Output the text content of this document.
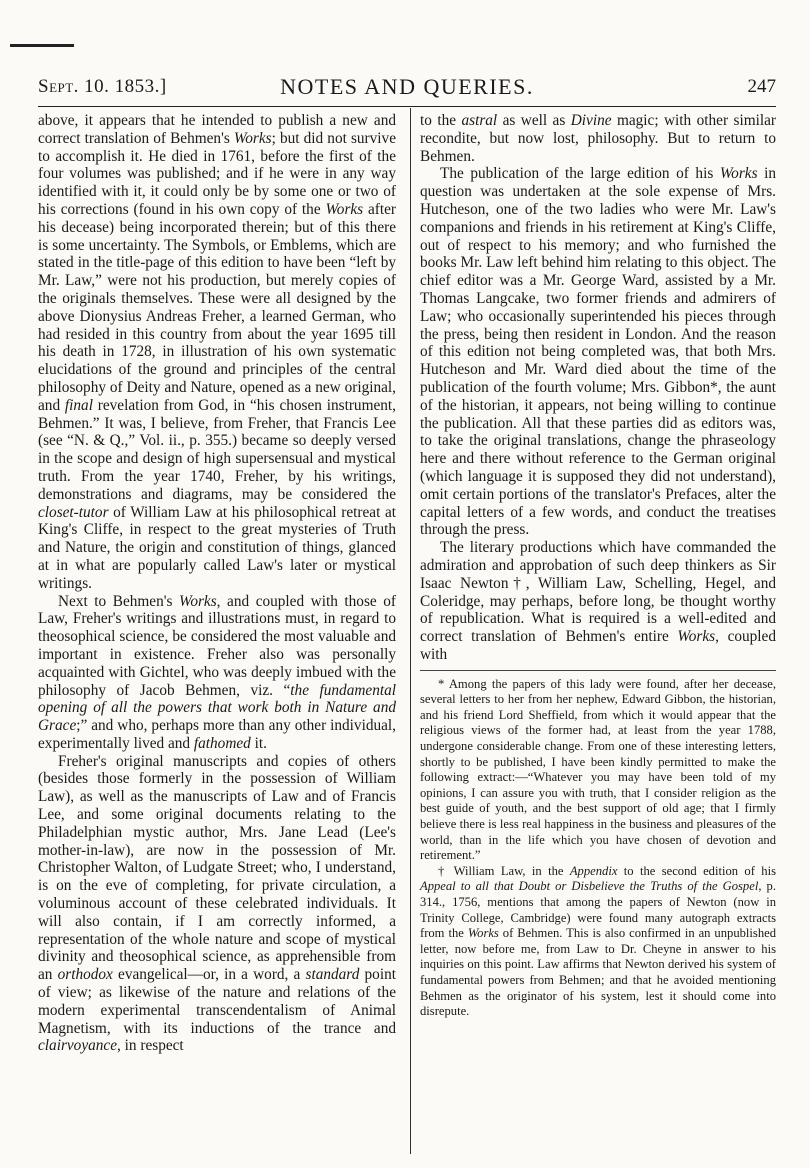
Sept. 10. 1853.]	NOTES AND QUERIES.	247

above, it appears that he intended to publish a new and correct translation of Behmen's Works; but did not survive to accomplish it. He died in 1761, before the first of the four volumes was published; and if he were in any way identified with it, it could only be by some one or two of his corrections (found in his own copy of the Works after his decease) being incorporated therein; but of this there is some uncertainty. The Symbols, or Emblems, which are stated in the title-page of this edition to have been “left by Mr. Law,” were not his production, but merely copies of the originals themselves. These were all designed by the above Dionysius Andreas Freher, a learned German, who had resided in this country from about the year 1695 till his death in 1728, in illustration of his own systematic elucidations of the ground and principles of the central philosophy of Deity and Nature, opened as a new original, and final revelation from God, in “his chosen instrument, Behmen.” It was, I believe, from Freher, that Francis Lee (see “N. & Q.,” Vol. ii., p. 355.) became so deeply versed in the scope and design of high supersensual and mystical truth. From the year 1740, Freher, by his writings, demonstrations and diagrams, may be considered the closet-tutor of William Law at his philosophical retreat at King's Cliffe, in respect to the great mysteries of Truth and Nature, the origin and constitution of things, glanced at in what are popularly called Law's later or mystical writings.

Next to Behmen's Works, and coupled with those of Law, Freher's writings and illustrations must, in regard to theosophical science, be considered the most valuable and important in existence. Freher also was personally acquainted with Gichtel, who was deeply imbued with the philosophy of Jacob Behmen, viz. “the fundamental opening of all the powers that work both in Nature and Grace;” and who, perhaps more than any other individual, experimentally lived and fathomed it.

Freher's original manuscripts and copies of others (besides those formerly in the possession of William Law), as well as the manuscripts of Law and of Francis Lee, and some original documents relating to the Philadelphian mystic author, Mrs. Jane Lead (Lee's mother-in-law), are now in the possession of Mr. Christopher Walton, of Ludgate Street; who, I understand, is on the eve of completing, for private circulation, a voluminous account of these celebrated individuals. It will also contain, if I am correctly informed, a representation of the whole nature and scope of mystical divinity and theosophical science, as apprehensible from an orthodox evangelical—or, in a word, a standard point of view; as likewise of the nature and relations of the modern experimental transcendentalism of Animal Magnetism, with its inductions of the trance and clairvoyance, in respect

to the astral as well as Divine magic; with other similar recondite, but now lost, philosophy. But to return to Behmen.

The publication of the large edition of his Works in question was undertaken at the sole expense of Mrs. Hutcheson, one of the two ladies who were Mr. Law's companions and friends in his retirement at King's Cliffe, out of respect to his memory; and who furnished the books Mr. Law left behind him relating to this object. The chief editor was a Mr. George Ward, assisted by a Mr. Thomas Langcake, two former friends and admirers of Law; who occasionally superintended his pieces through the press, being then resident in London. And the reason of this edition not being completed was, that both Mrs. Hutcheson and Mr. Ward died about the time of the publication of the fourth volume; Mrs. Gibbon*, the aunt of the historian, it appears, not being willing to continue the publication. All that these parties did as editors was, to take the original translations, change the phraseology here and there without reference to the German original (which language it is supposed they did not understand), omit certain portions of the translator's Prefaces, alter the capital letters of a few words, and conduct the treatises through the press.

The literary productions which have commanded the admiration and approbation of such deep thinkers as Sir Isaac Newton†, William Law, Schelling, Hegel, and Coleridge, may perhaps, before long, be thought worthy of republication. What is required is a well-edited and correct translation of Behmen's entire Works, coupled with

* Among the papers of this lady were found, after her decease, several letters to her from her nephew, Edward Gibbon, the historian, and his friend Lord Sheffield, from which it would appear that the religious views of the former had, at least from the year 1788, undergone considerable change. From one of these interesting letters, shortly to be published, I have been kindly permitted to make the following extract:—“Whatever you may have been told of my opinions, I can assure you with truth, that I consider religion as the best guide of youth, and the best support of old age; that I firmly believe there is less real happiness in the business and pleasures of the world, than in the life which you have chosen of devotion and retirement.”

† William Law, in the Appendix to the second edition of his Appeal to all that Doubt or Disbelieve the Truths of the Gospel, p. 314., 1756, mentions that among the papers of Newton (now in Trinity College, Cambridge) were found many autograph extracts from the Works of Behmen. This is also confirmed in an unpublished letter, now before me, from Law to Dr. Cheyne in answer to his inquiries on this point. Law affirms that Newton derived his system of fundamental powers from Behmen; and that he avoided mentioning Behmen as the originator of his system, lest it should come into disrepute.
